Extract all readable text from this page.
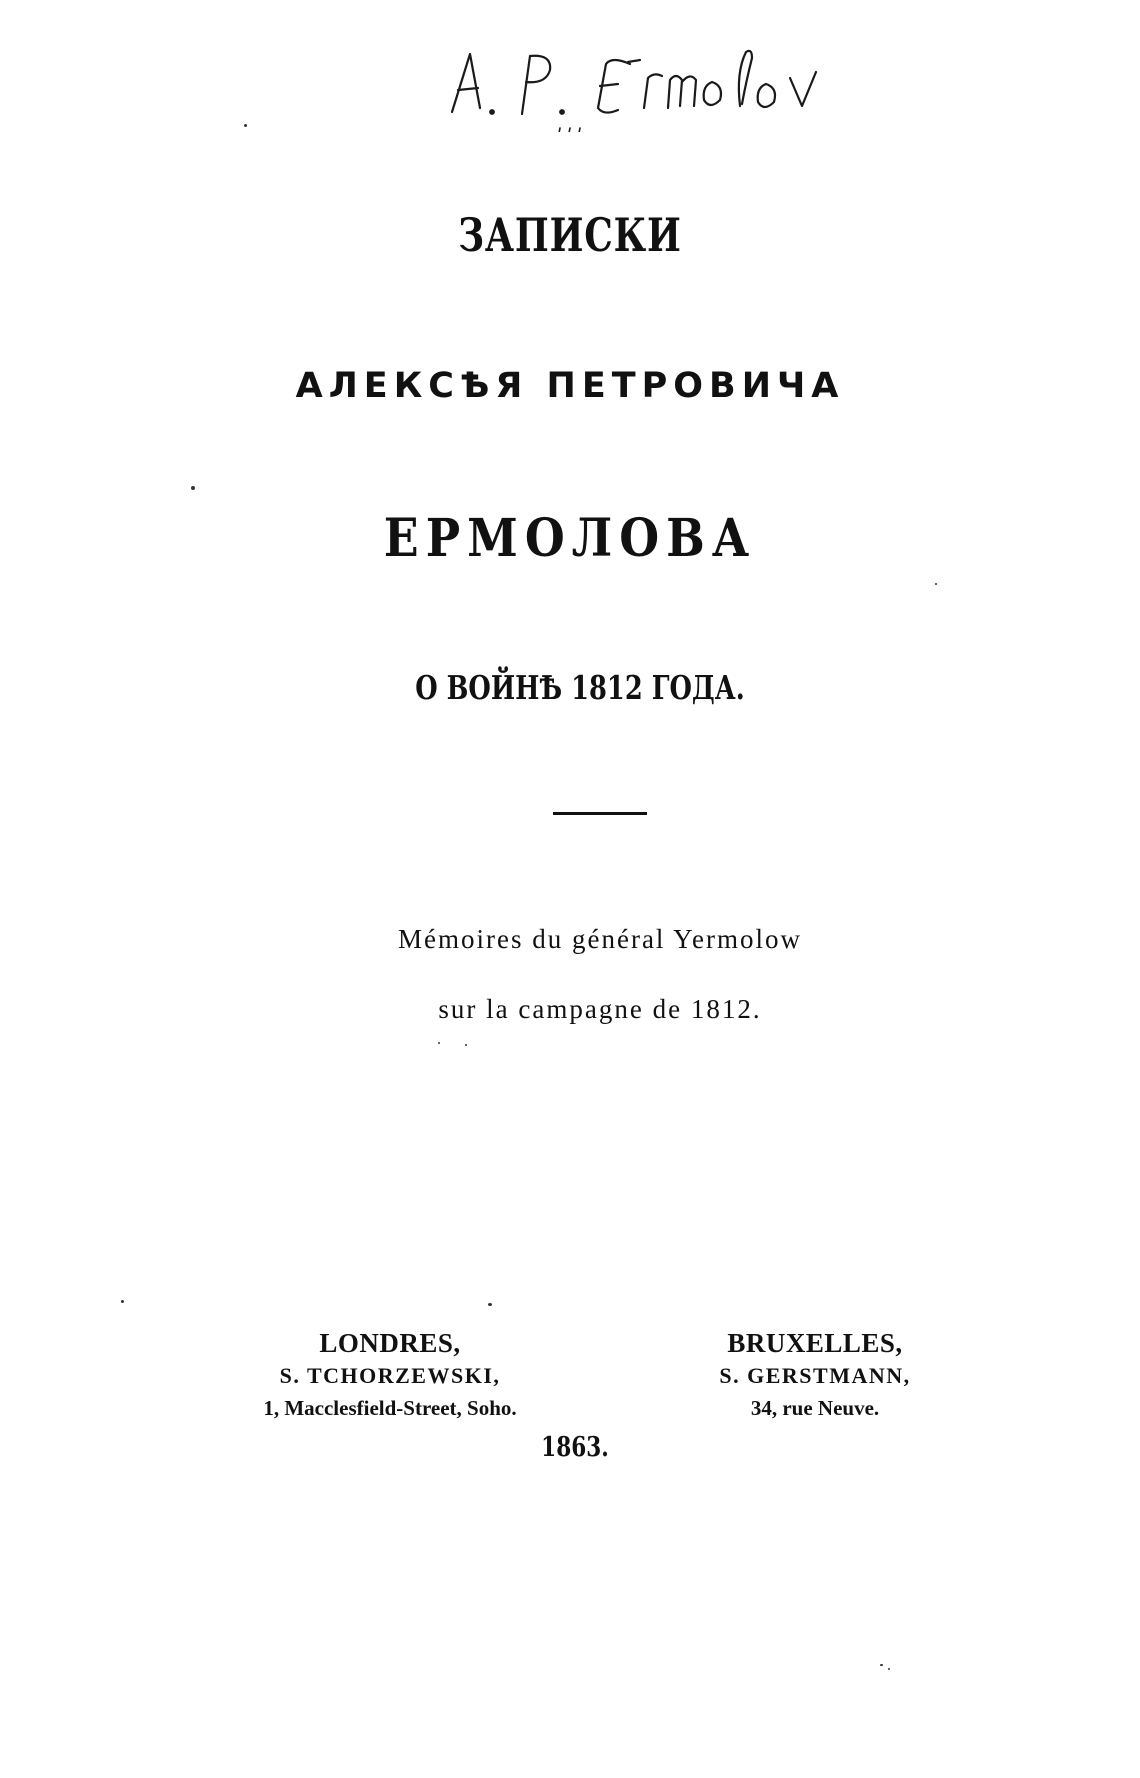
ЗАПИСКИ
АЛЕКСѢЯ ПЕТРОВИЧА
ЕРМОЛОВА
О ВОЙНѢ 1812 ГОДА.
Mémoires du général Yermolow
sur la campagne de 1812.
LONDRES,
S. TCHORZEWSKI,
1, Macclesfield-Street, Soho.
BRUXELLES,
S. GERSTMANN,
34, rue Neuve.
1863.
